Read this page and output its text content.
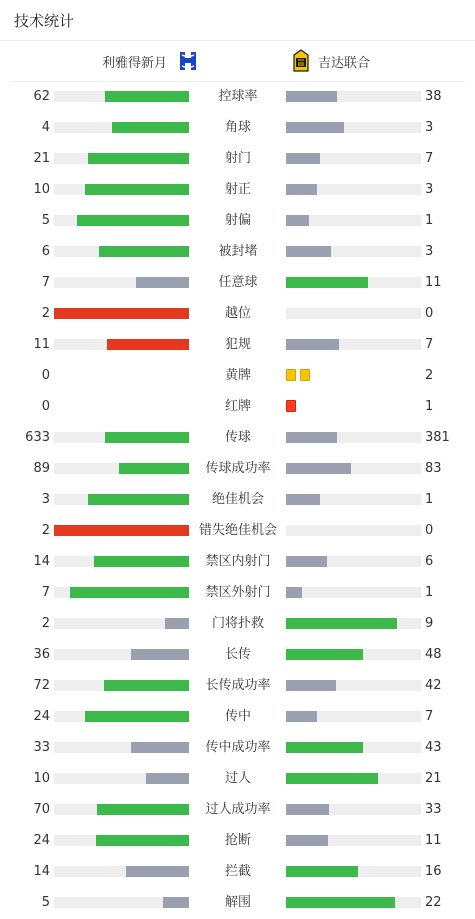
技术统计
利雅得新月	吉达联合
62	控球率	38
4	角球	3
21	射门	7
10	射正	3
5	射偏	1
6	被封堵	3
7	任意球	11
2	越位	0
11	犯规	7
0	黄牌	2
0	红牌	1
633	传球	381
89	传球成功率	83
3	绝佳机会	1
2	错失绝佳机会	0
14	禁区内射门	6
7	禁区外射门	1
2	门将扑救	9
36	长传	48
72	长传成功率	42
24	传中	7
33	传中成功率	43
10	过人	21
70	过人成功率	33
24	抢断	11
14	拦截	16
5	解围	22
